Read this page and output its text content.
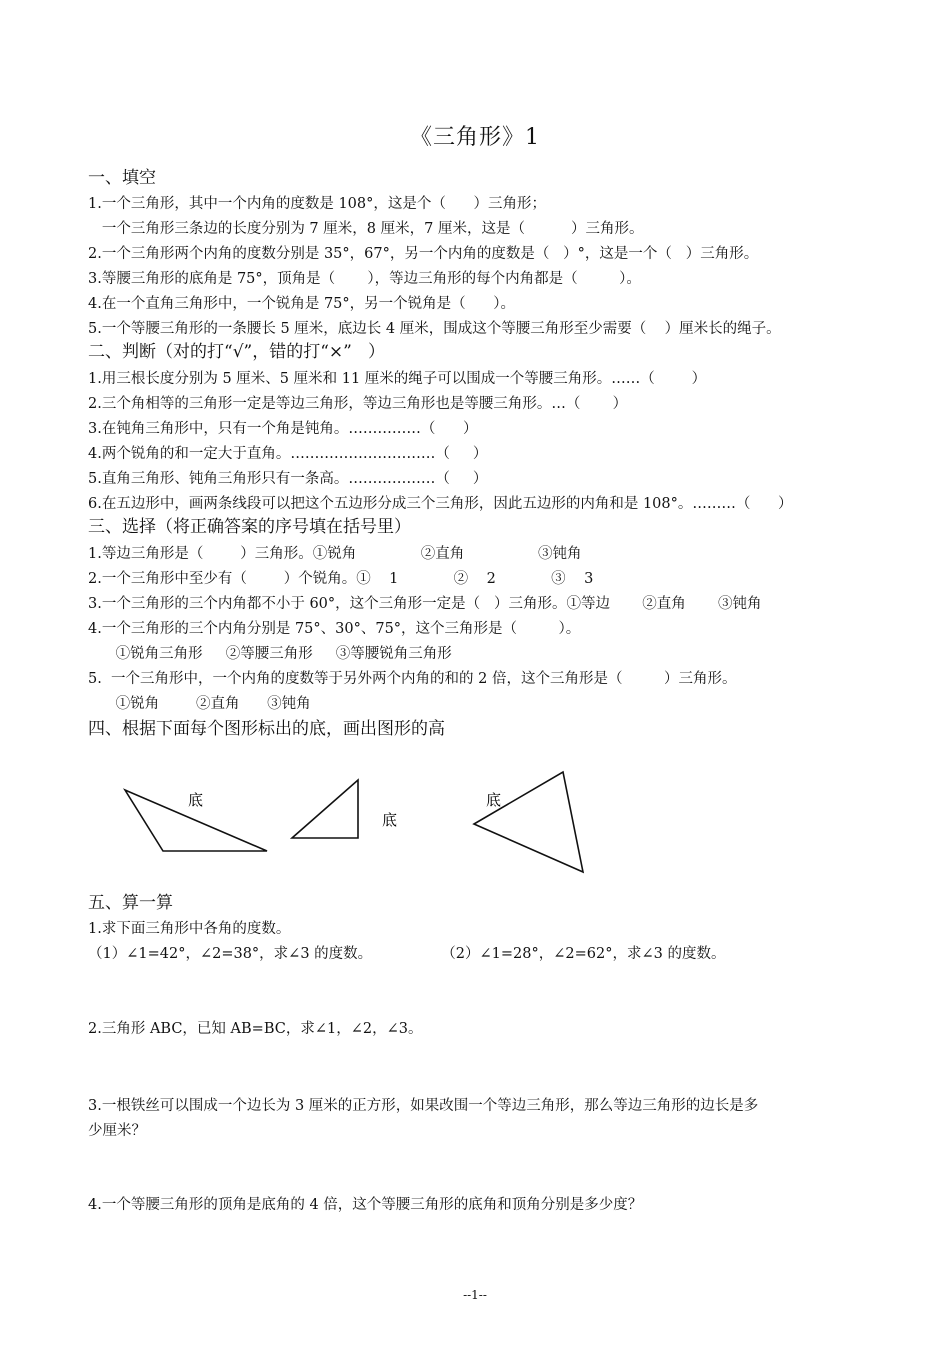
《三角形》1
一、填空
1.一个三角形，其中一个内角的度数是 108°，这是个（      ）三角形；
一个三角形三条边的长度分别为 7 厘米，8 厘米，7 厘米，这是（          ）三角形。
2.一个三角形两个内角的度数分别是 35°，67°，另一个内角的度数是（   ）°，这是一个（   ）三角形。
3.等腰三角形的底角是 75°，顶角是（       ），等边三角形的每个内角都是（         ）。
4.在一个直角三角形中，一个锐角是 75°，另一个锐角是（      ）。
5.一个等腰三角形的一条腰长 5 厘米，底边长 4 厘米，围成这个等腰三角形至少需要（    ）厘米长的绳子。
二、判断（对的打“√”，错的打“×”   ）
1.用三根长度分别为 5 厘米、5 厘米和 11 厘米的绳子可以围成一个等腰三角形。……（        ）
2.三个角相等的三角形一定是等边三角形，等边三角形也是等腰三角形。…（       ）
3.在钝角三角形中，只有一个角是钝角。……………（      ）
4.两个锐角的和一定大于直角。…………………………（     ）
5.直角三角形、钝角三角形只有一条高。………………（     ）
6.在五边形中，画两条线段可以把这个五边形分成三个三角形，因此五边形的内角和是 108°。………（      ）
三、选择（将正确答案的序号填在括号里）
1.等边三角形是（        ）三角形。①锐角              ②直角                ③钝角
2.一个三角形中至少有（        ）个锐角。①    1            ②    2            ③    3
3.一个三角形的三个内角都不小于 60°，这个三角形一定是（   ）三角形。①等边       ②直角       ③钝角
4.一个三角形的三个内角分别是 75°、30°、75°，这个三角形是（         ）。
①锐角三角形     ②等腰三角形     ③等腰锐角三角形
5.  一个三角形中，一个内角的度数等于另外两个内角的和的 2 倍，这个三角形是（         ）三角形。
①锐角        ②直角      ③钝角
四、根据下面每个图形标出的底，画出图形的高
底
底
底
五、算一算
1.求下面三角形中各角的度数。
（1）∠1=42°，∠2=38°，求∠3 的度数。               （2）∠1=28°，∠2=62°，求∠3 的度数。
2.三角形 ABC，已知 AB=BC，求∠1，∠2，∠3。
3.一根铁丝可以围成一个边长为 3 厘米的正方形，如果改围一个等边三角形，那么等边三角形的边长是多
少厘米？
4.一个等腰三角形的顶角是底角的 4 倍，这个等腰三角形的底角和顶角分别是多少度？
--1--
